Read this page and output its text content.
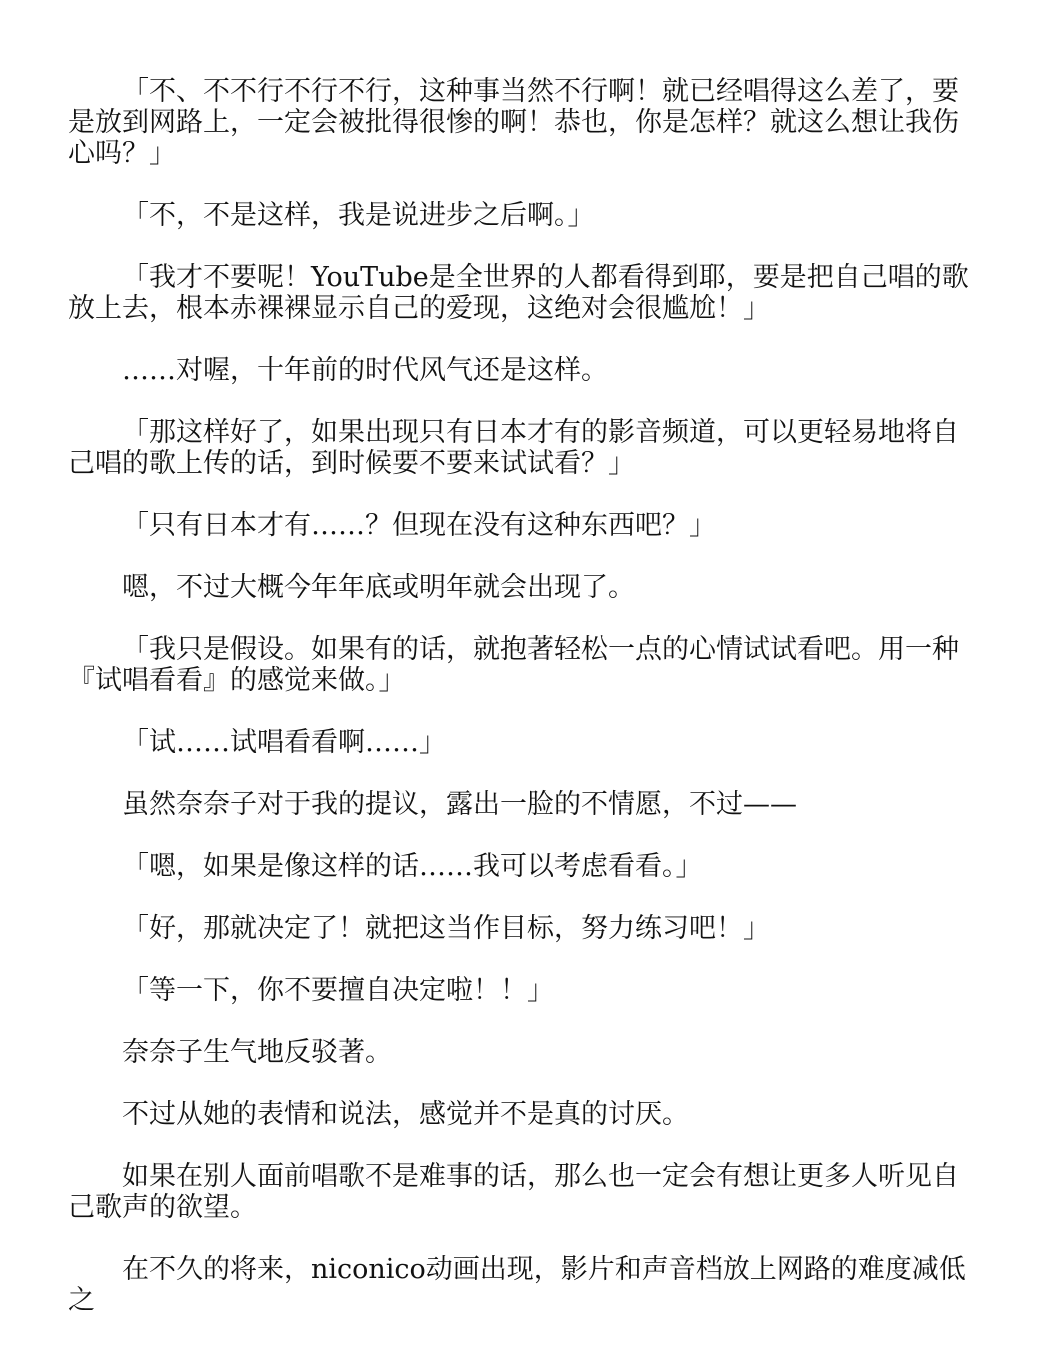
「不、不不行不行不行，这种事当然不行啊！就已经唱得这么差了，要是放到网路上，一定会被批得很惨的啊！恭也，你是怎样？就这么想让我伤心吗？」

「不，不是这样，我是说进步之后啊。」

「我才不要呢！YouTube是全世界的人都看得到耶，要是把自己唱的歌放上去，根本赤裸裸显示自己的爱现，这绝对会很尴尬！」

……对喔，十年前的时代风气还是这样。

「那这样好了，如果出现只有日本才有的影音频道，可以更轻易地将自己唱的歌上传的话，到时候要不要来试试看？」

「只有日本才有……？但现在没有这种东西吧？」

嗯，不过大概今年年底或明年就会出现了。

「我只是假设。如果有的话，就抱著轻松一点的心情试试看吧。用一种『试唱看看』的感觉来做。」

「试……试唱看看啊……」

虽然奈奈子对于我的提议，露出一脸的不情愿，不过——

「嗯，如果是像这样的话……我可以考虑看看。」

「好，那就决定了！就把这当作目标，努力练习吧！」

「等一下，你不要擅自决定啦！！」

奈奈子生气地反驳著。

不过从她的表情和说法，感觉并不是真的讨厌。

如果在别人面前唱歌不是难事的话，那么也一定会有想让更多人听见自己歌声的欲望。

在不久的将来，niconico动画出现，影片和声音档放上网路的难度减低之
